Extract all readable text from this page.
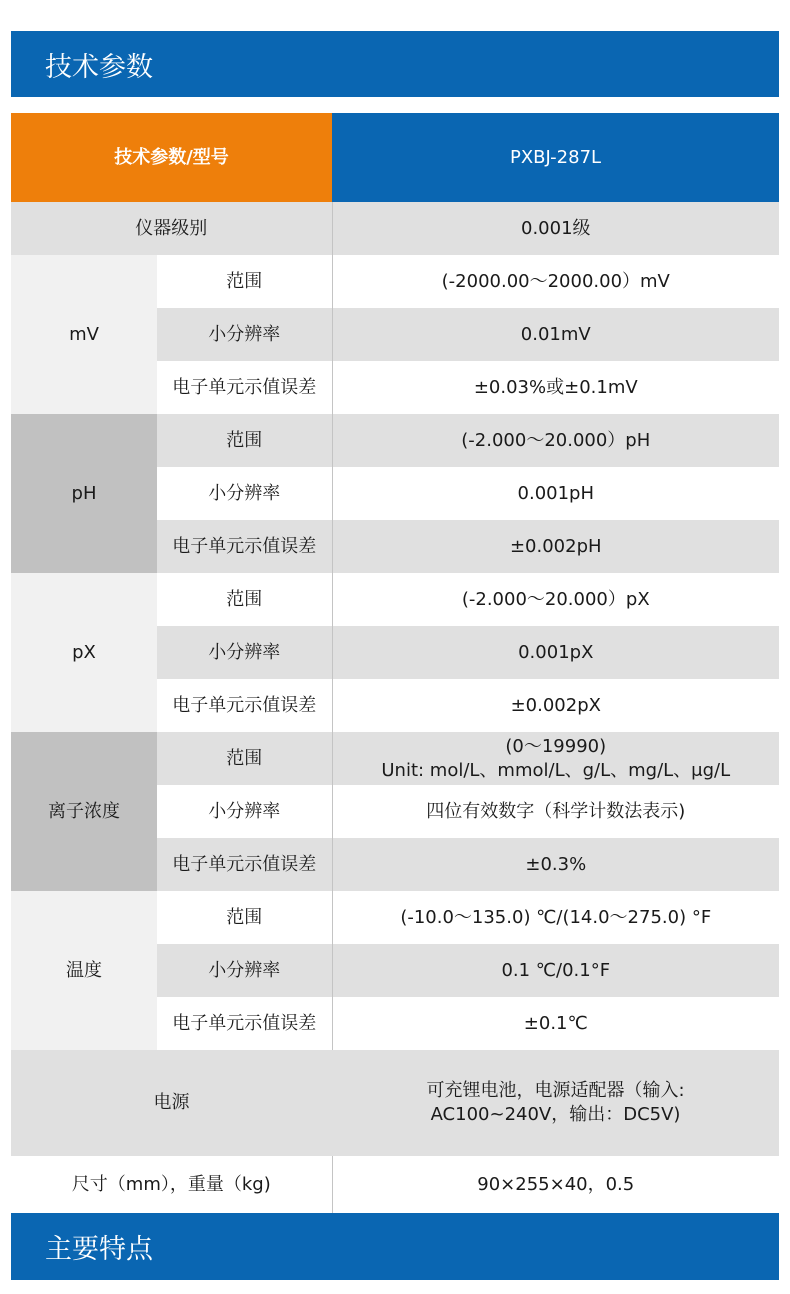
技术参数
技术参数/型号		PXBJ-287L
仪器级别		0.001级
mV	范围	(-2000.00～2000.00）mV
	小分辨率	0.01mV
	电子单元示值误差	±0.03%或±0.1mV
pH	范围	(-2.000～20.000）pH
	小分辨率	0.001pH
	电子单元示值误差	±0.002pH
pX	范围	(-2.000～20.000）pX
	小分辨率	0.001pX
	电子单元示值误差	±0.002pX
离子浓度	范围	(0～19990)
Unit: mol/L、mmol/L、g/L、mg/L、μg/L

	小分辨率	四位有效数字（科学计数法表示)
	电子单元示值误差	±0.3%
温度	范围	(-10.0～135.0) ℃/(14.0～275.0) °F
	小分辨率	0.1 ℃/0.1°F
	电子单元示值误差	±0.1℃
电源		可充锂电池，电源适配器（输入:
AC100~240V，输出：DC5V)

尺寸（mm），重量（kg)		90×255×40，0.5
主要特点
